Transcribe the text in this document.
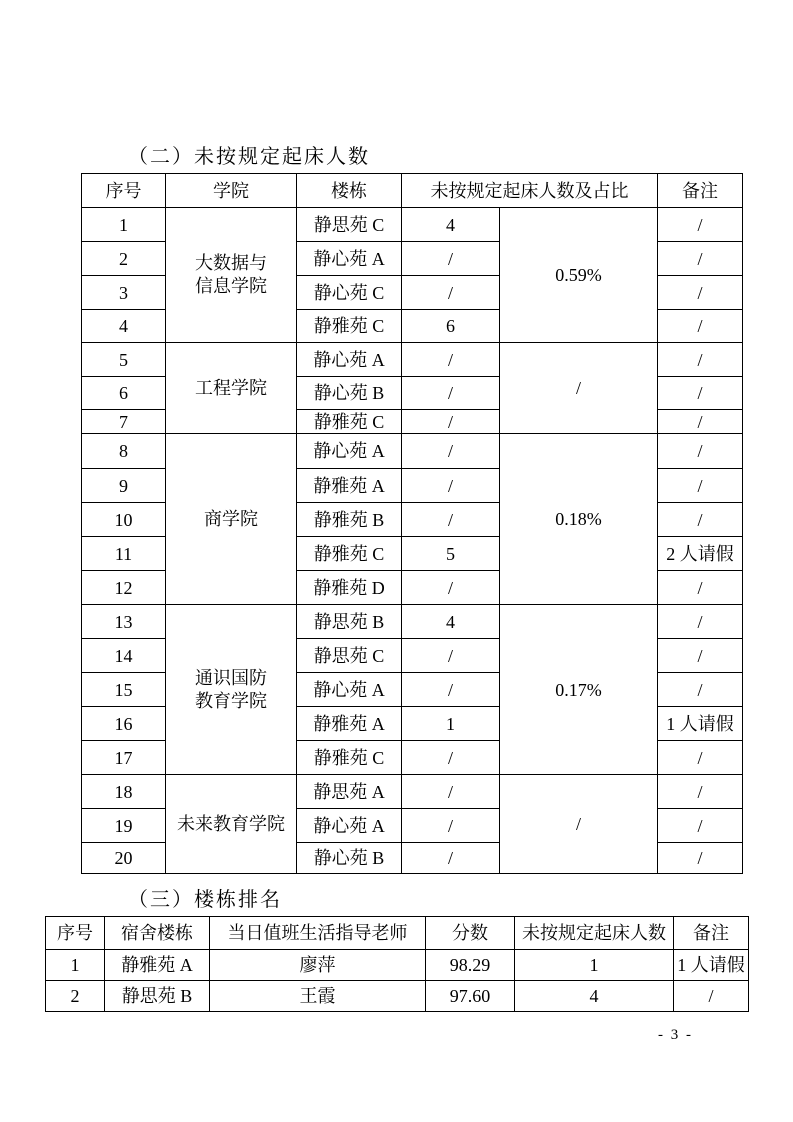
（二）未按规定起床人数
序号	学院	楼栋	未按规定起床人数及占比		备注
1	大数据与
信息学院	静思苑 C	4	0.59%	/
2		静心苑 A	/		/
3		静心苑 C	/		/
4		静雅苑 C	6		/
5	工程学院	静心苑 A	/	/	/
6		静心苑 B	/		/
7		静雅苑 C	/		/
8	商学院	静心苑 A	/	0.18%	/
9		静雅苑 A	/		/
10		静雅苑 B	/		/
11		静雅苑 C	5		2 人请假
12		静雅苑 D	/		/
13	通识国防
教育学院	静思苑 B	4	0.17%	/
14		静思苑 C	/		/
15		静心苑 A	/		/
16		静雅苑 A	1		1 人请假
17		静雅苑 C	/		/
18	未来教育学院	静思苑 A	/	/	/
19		静心苑 A	/		/
20		静心苑 B	/		/
（三）楼栋排名
序号	宿舍楼栋	当日值班生活指导老师	分数	未按规定起床人数	备注
1	静雅苑 A	廖萍	98.29	1	1 人请假
2	静思苑 B	王霞	97.60	4	/
- 3 -
